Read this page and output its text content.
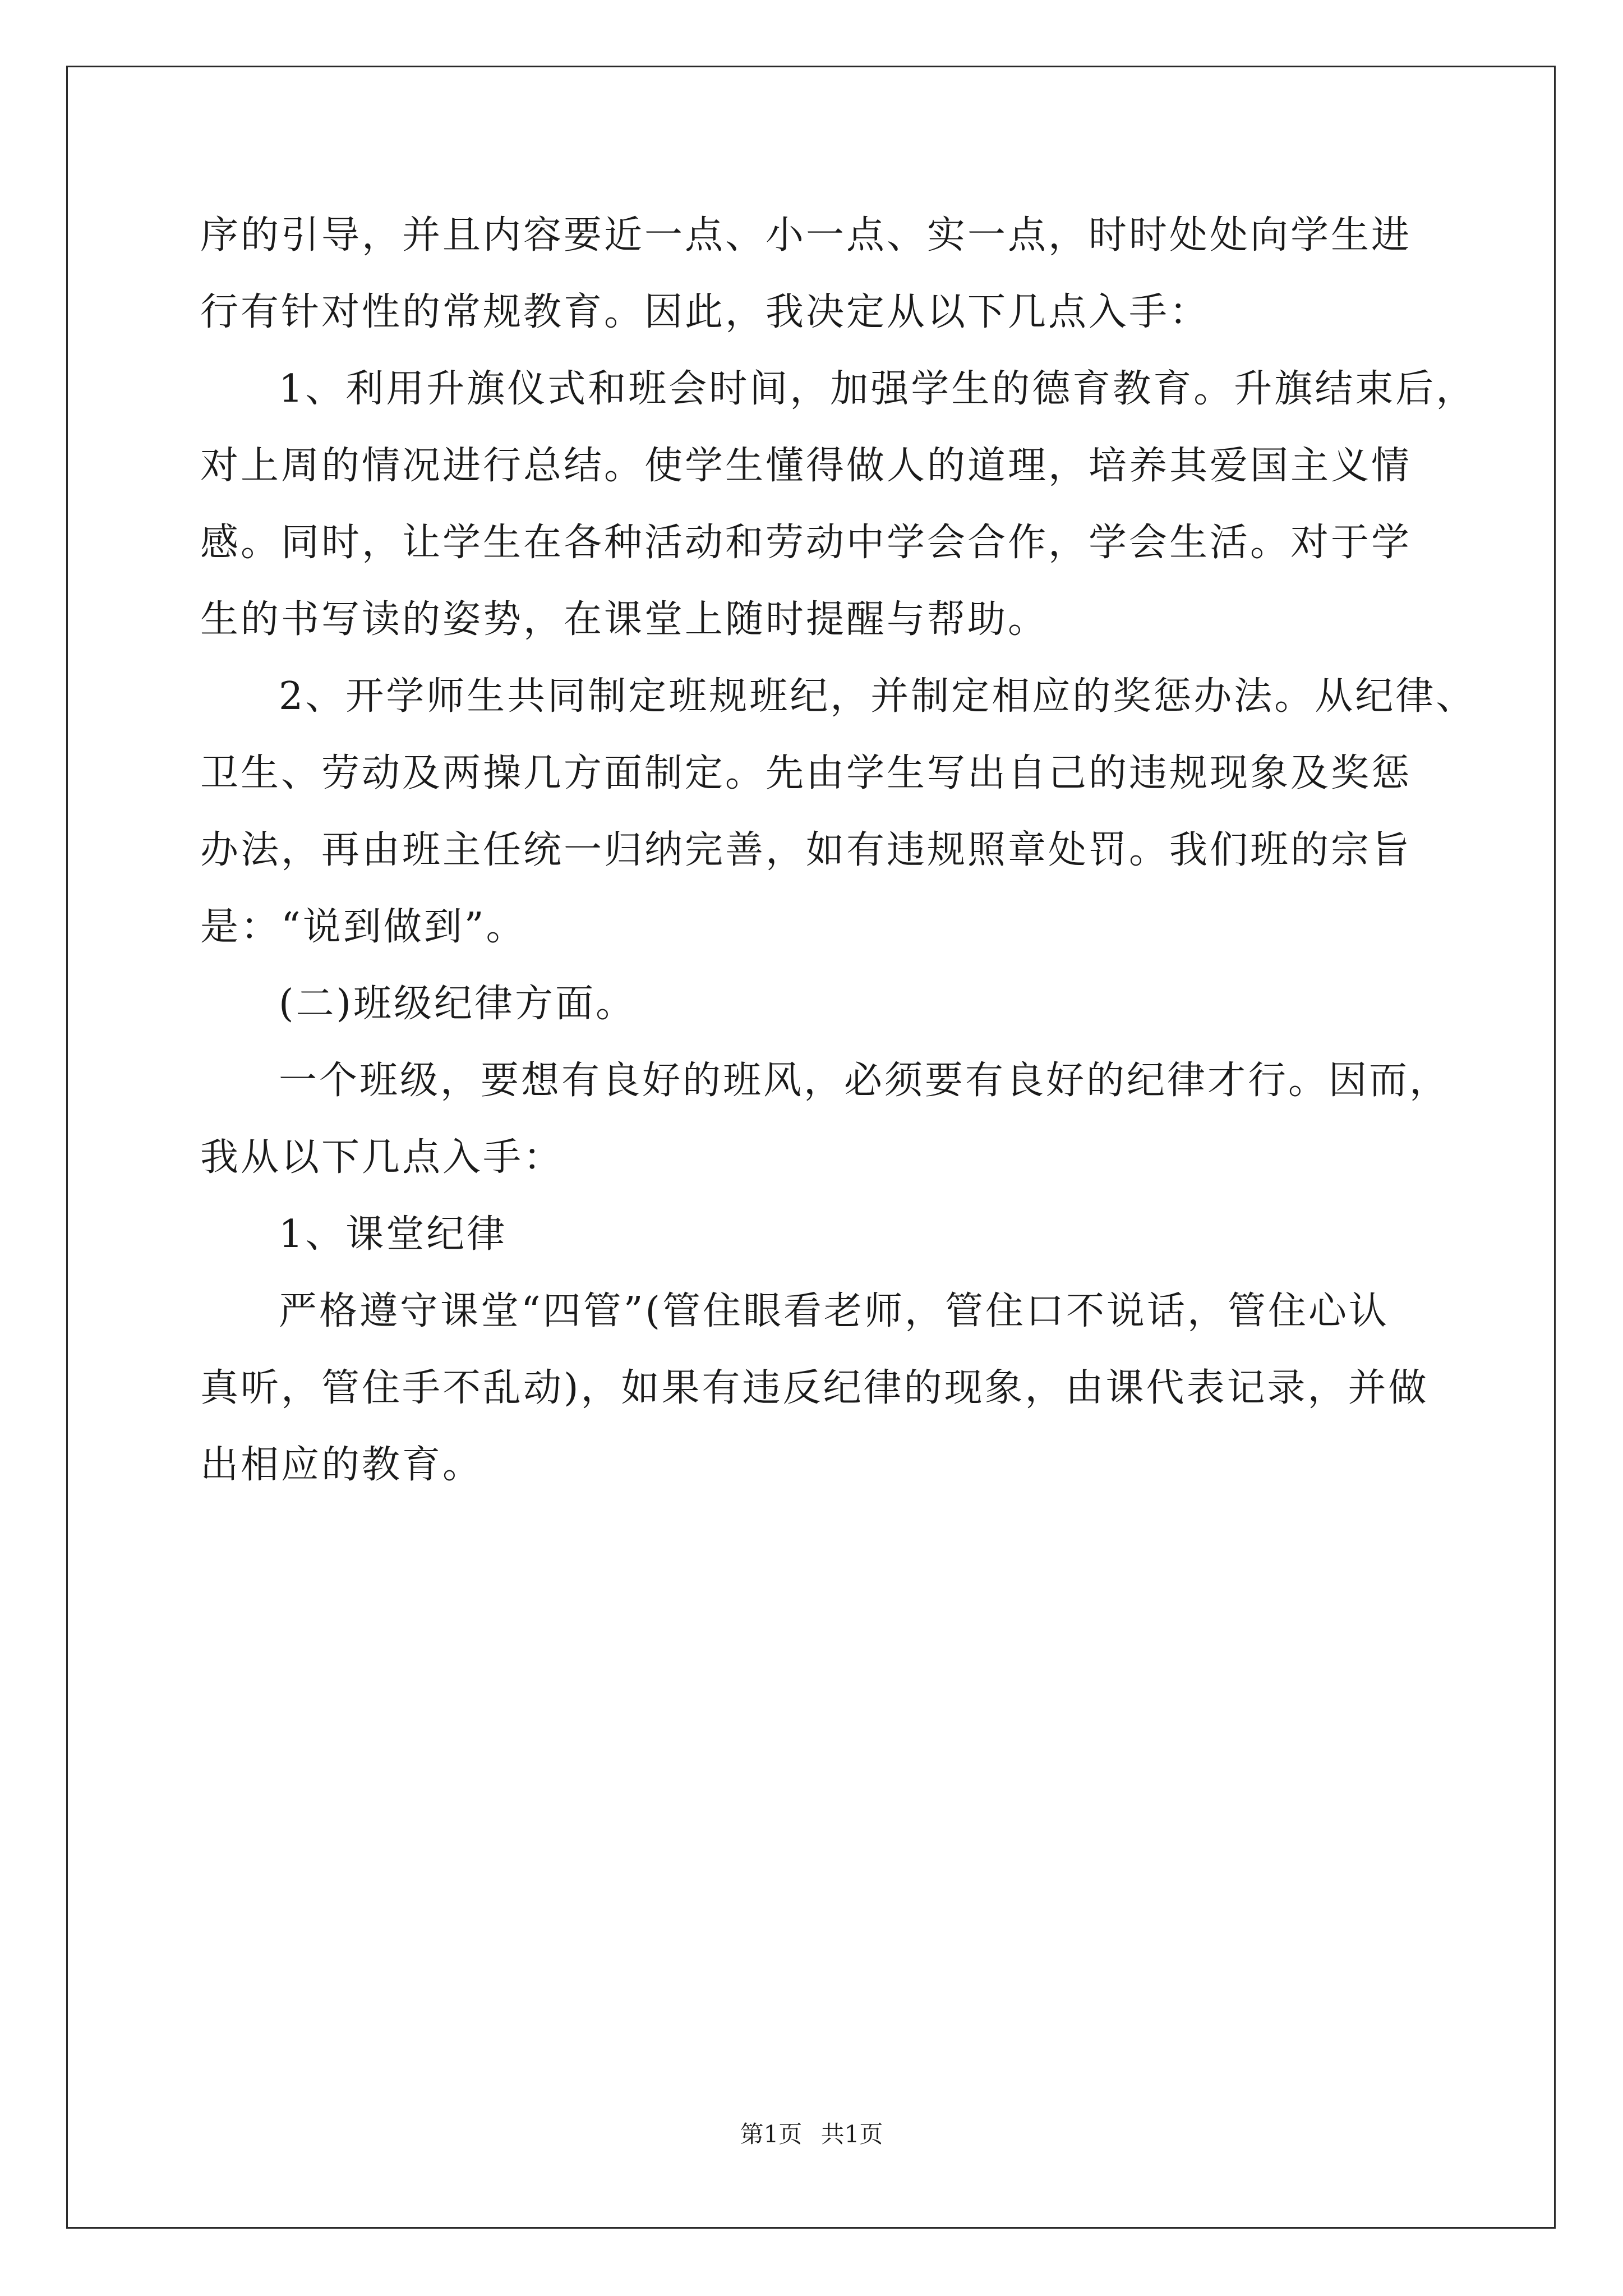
序的引导，并且内容要近一点、小一点、实一点，时时处处向学生进
行有针对性的常规教育。因此，我决定从以下几点入手：
1、利用升旗仪式和班会时间，加强学生的德育教育。升旗结束后，
对上周的情况进行总结。使学生懂得做人的道理，培养其爱国主义情
感。同时，让学生在各种活动和劳动中学会合作，学会生活。对于学
生的书写读的姿势，在课堂上随时提醒与帮助。
2、开学师生共同制定班规班纪，并制定相应的奖惩办法。从纪律、
卫生、劳动及两操几方面制定。先由学生写出自己的违规现象及奖惩
办法，再由班主任统一归纳完善，如有违规照章处罚。我们班的宗旨
是：“说到做到”。
(二)班级纪律方面。
一个班级，要想有良好的班风，必须要有良好的纪律才行。因而，
我从以下几点入手：
1、课堂纪律
严格遵守课堂“四管”(管住眼看老师，管住口不说话，管住心认
真听，管住手不乱动)，如果有违反纪律的现象，由课代表记录，并做
出相应的教育。
第1页 共1页
